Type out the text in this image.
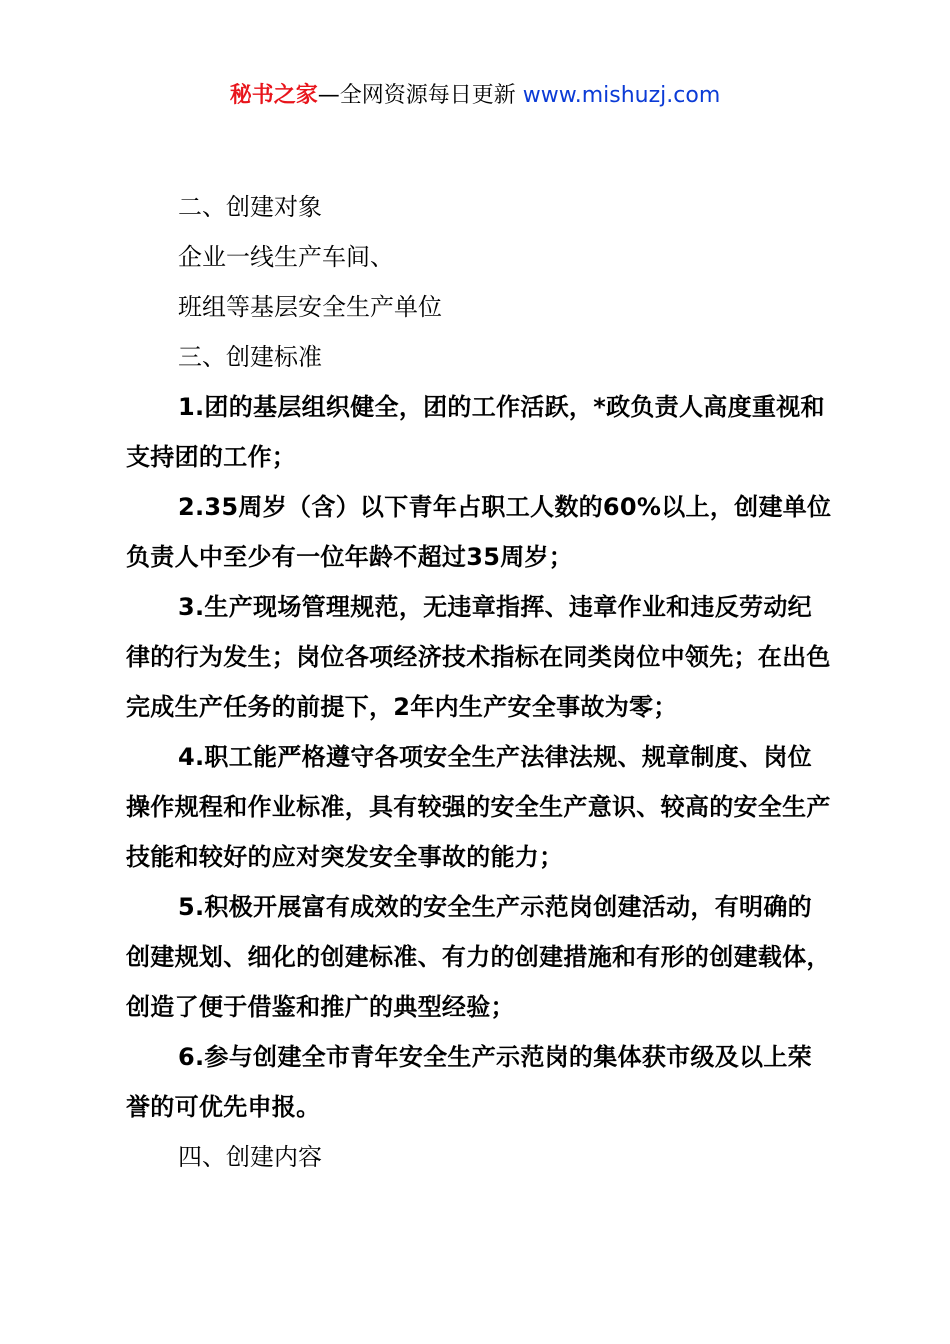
秘书之家—全网资源每日更新 www.mishuzj.com
二、创建对象
企业一线生产车间、
班组等基层安全生产单位
三、创建标准
1.团的基层组织健全，团的工作活跃，*政负责人高度重视和支持团的工作；
2.35周岁（含）以下青年占职工人数的60%以上，创建单位负责人中至少有一位年龄不超过35周岁；
3.生产现场管理规范，无违章指挥、违章作业和违反劳动纪律的行为发生；岗位各项经济技术指标在同类岗位中领先；在出色完成生产任务的前提下，2年内生产安全事故为零；
4.职工能严格遵守各项安全生产法律法规、规章制度、岗位操作规程和作业标准，具有较强的安全生产意识、较高的安全生产技能和较好的应对突发安全事故的能力；
5.积极开展富有成效的安全生产示范岗创建活动，有明确的创建规划、细化的创建标准、有力的创建措施和有形的创建载体，创造了便于借鉴和推广的典型经验；
6.参与创建全市青年安全生产示范岗的集体获市级及以上荣誉的可优先申报。
四、创建内容
